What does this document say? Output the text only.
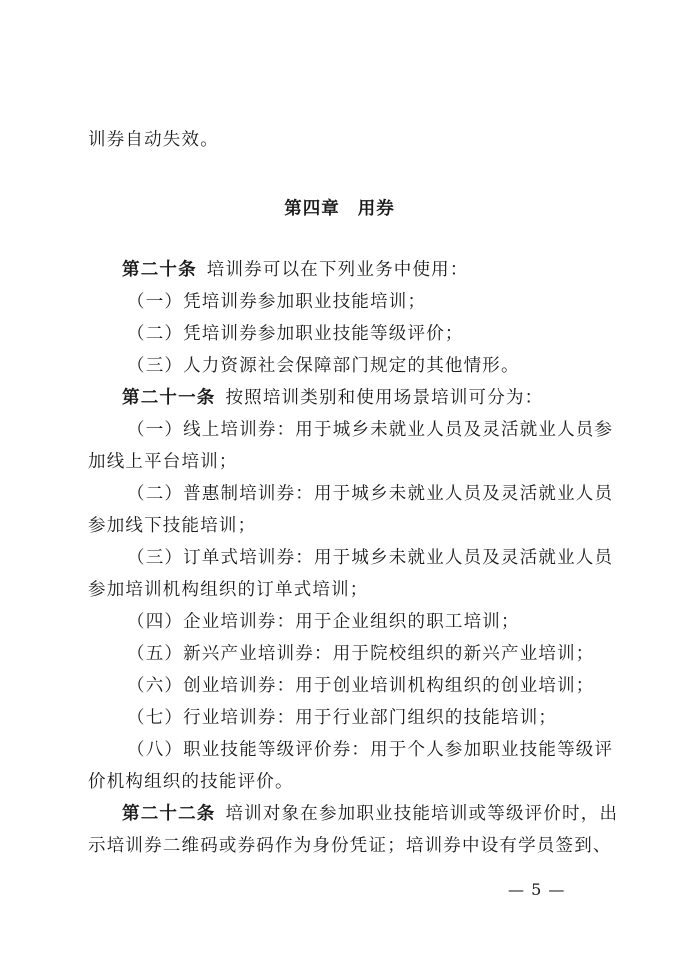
训券自动失效。
第四章 用券
第二十条  培训券可以在下列业务中使用：
（一）凭培训券参加职业技能培训；
（二）凭培训券参加职业技能等级评价；
（三）人力资源社会保障部门规定的其他情形。
第二十一条  按照培训类别和使用场景培训可分为：
（一）线上培训券：用于城乡未就业人员及灵活就业人员参
加线上平台培训；
（二）普惠制培训券：用于城乡未就业人员及灵活就业人员
参加线下技能培训；
（三）订单式培训券：用于城乡未就业人员及灵活就业人员
参加培训机构组织的订单式培训；
（四）企业培训券：用于企业组织的职工培训；
（五）新兴产业培训券：用于院校组织的新兴产业培训；
（六）创业培训券：用于创业培训机构组织的创业培训；
（七）行业培训券：用于行业部门组织的技能培训；
（八）职业技能等级评价券：用于个人参加职业技能等级评
价机构组织的技能评价。
第二十二条  培训对象在参加职业技能培训或等级评价时，出
示培训券二维码或券码作为身份凭证；培训券中设有学员签到、
— 5 —
